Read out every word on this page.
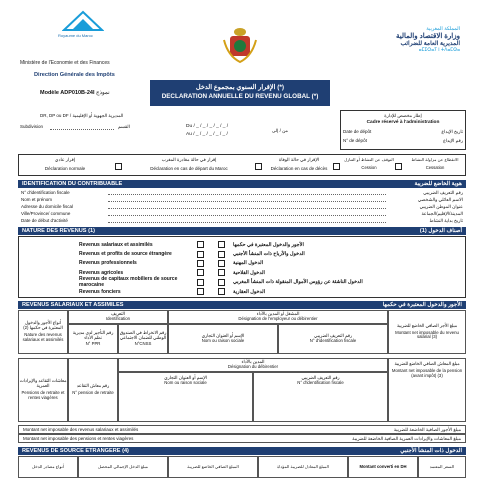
Royaume du Maroc
Ministère de l'Economie et des Finances
Direction Générale des Impôts
المملكة المغربية
وزارة الاقتصاد والمالية
المديرية العامة للضرائب
ⴰⵎⵉⵔⴰⵢ ⵏ ⵜⴷⴰⵎⵙⴰ
Modèle ADP010B-24I نموذج
الإقرار السنوي بمجموع الدخل (*)
DECLARATION ANNUELLE DU REVENU GLOBAL (*)
DR, DP ou DF / المديرية الجهوية أو الإقليمية
Subdivision	القسم	Du / _ / _ / _ / _ / _ /
Au / _ / _ / _ / _ / _ /
من / إلى
إطار مخصص للإدارة
Cadre réservé à l'administration
Date de dépôt	تاريخ الإيداع
N° de dépôt	رقم الإيداع
إقرار عادي
Déclaration normale
إقرار في حالة مغادرة المغرب
Déclaration en cas de départ du Maroc
الإقرار في حالة الوفاة
Déclaration en cas de décès
التوقف عن النشاط أو التنازل
Cession
الانقطاع عن مزاولة النشاط
Cessation
IDENTIFICATION DU CONTRIBUABLE	هوية الخاضع للضريبة
N° d'identification fiscale	رقم التعريف الضريبي
Nom et prénom	الاسم العائلي والشخصي
Adresse du domicile fiscal	عنوان الموطن الضريبي
Ville/Province/ commune	المدينة/الإقليم/الجماعة
Date de début d'activité	تاريخ بداية النشاط
NATURE DES REVENUS (1)	أصناف الدخول (1)
Revenus salariaux et assimilés	الأجور والدخول المعتبرة في حكمها
Revenus et profits de source étrangère	الدخول والأرباح ذات المنشأ الأجنبي
Revenus professionnels	الدخول المهنية
Revenus agricoles	الدخول الفلاحية
Revenus de capitaux mobiliers de source marocaine
الدخول الناشئة عن رؤوس الأموال المنقولة ذات المنشأ المغربي
Revenus fonciers	الدخول العقارية
REVENUS SALARIAUX ET ASSIMILES	الأجور والدخول المعتبرة في حكمها
أنواع الأجور والدخول المعتبرة في حكمها (2)
Nature des revenus salariaux et assimilés
التعريف
Identification
رقم التأجير لدى مديرية نظم الأداء
N° PPR
رقم الانخراط في الصندوق الوطني للضمان الاجتماعي
N°CNSS
المشغل أو المدين بالأداء
Désignation de l'employeur ou débirentier
الإسم أو العنوان التجاري
Nom ou raison sociale
رقم التعريف الضريبي
N° d'identification fiscale
مبلغ الأجر الصافي الخاضع للضريبة
Montant net imposable du revenu salarial (3)
معاشات التقاعد والإيرادات العمرية
Pensions de retraite et rentes viagères
رقم معاش التقاعد
N° pension de retraite
المدين بالأداء
Désignation du débirentier
الإسم أو العنوان التجاري
Nom ou raison sociale
رقم التعريف الضريبي
N° d'identification fiscale
مبلغ المعاش الصافي الخاضع للضريبة
Montant net imposable de la pension (avant impôt) (3)
Montant net imposable des revenus salariaux et assimilés	مبلغ الأجور الصافية الخاضعة للضريبة
Montant net imposable des pensions et rentes viagères	مبلغ المعاشات والإيرادات العمرية الصافية الخاضعة للضريبة
REVENUS DE SOURCE ETRANGERE (4)	الدخول ذات المنشأ الأجنبي
أنواع مصادر الدخل	مبلغ الدخل الإجمالي المحصل	المبلغ الصافي الخاضع للضريبة	المبلغ المعادل للضريبة المؤداة	Montant converti en DH	السعر المعتمد
